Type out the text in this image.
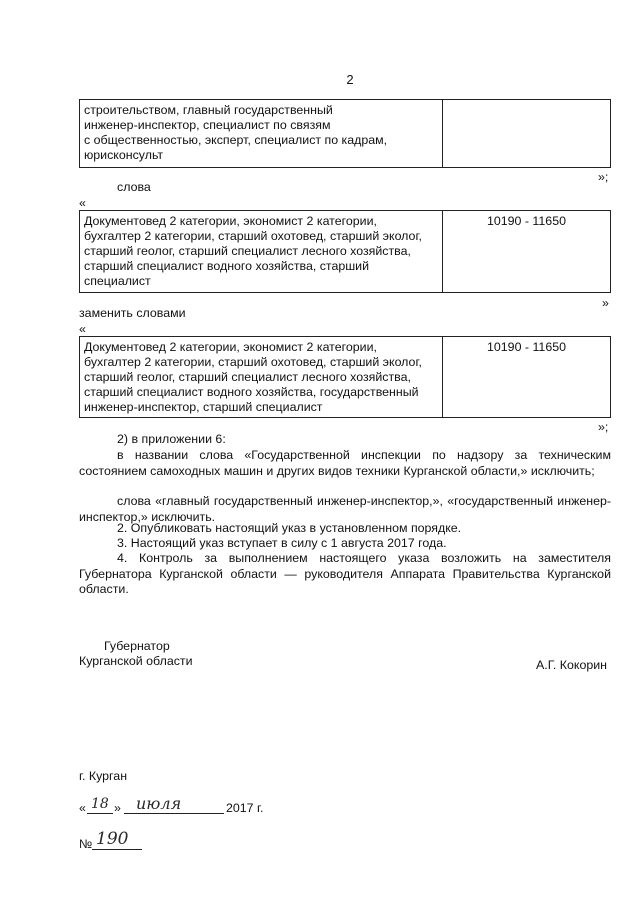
2
строительством, главный государственный
инженер-инспектор, специалист по связям
с общественностью, эксперт, специалист по кадрам,
юрисконсульт

»;
слова
«
Документовед 2 категории, экономист 2 категории,
бухгалтер 2 категории, старший охотовед, старший эколог,
старший геолог, старший специалист лесного хозяйства,
старший специалист водного хозяйства, старший
специалист

10190 - 11650
»
заменить словами
«
Документовед 2 категории, экономист 2 категории,
бухгалтер 2 категории, старший охотовед, старший эколог,
старший геолог, старший специалист лесного хозяйства,
старший специалист водного хозяйства, государственный
инженер-инспектор, старший специалист

10190 - 11650
»;
2) в приложении 6:
в названии слова «Государственной инспекции по надзору за техническим состоянием самоходных машин и других видов техники Курганской области,» исключить;
слова «главный государственный инженер-инспектор,», «государственный инженер-инспектор,» исключить.
2. Опубликовать настоящий указ в установленном порядке.
3. Настоящий указ вступает в силу с 1 августа 2017 года.
4. Контроль за выполнением настоящего указа возложить на заместителя Губернатора Курганской области — руководителя Аппарата Правительства Курганской области.
Губернатор
Курганской области	А.Г. Кокорин
г. Курган
« 18 » июля	2017 г.
№ 190
